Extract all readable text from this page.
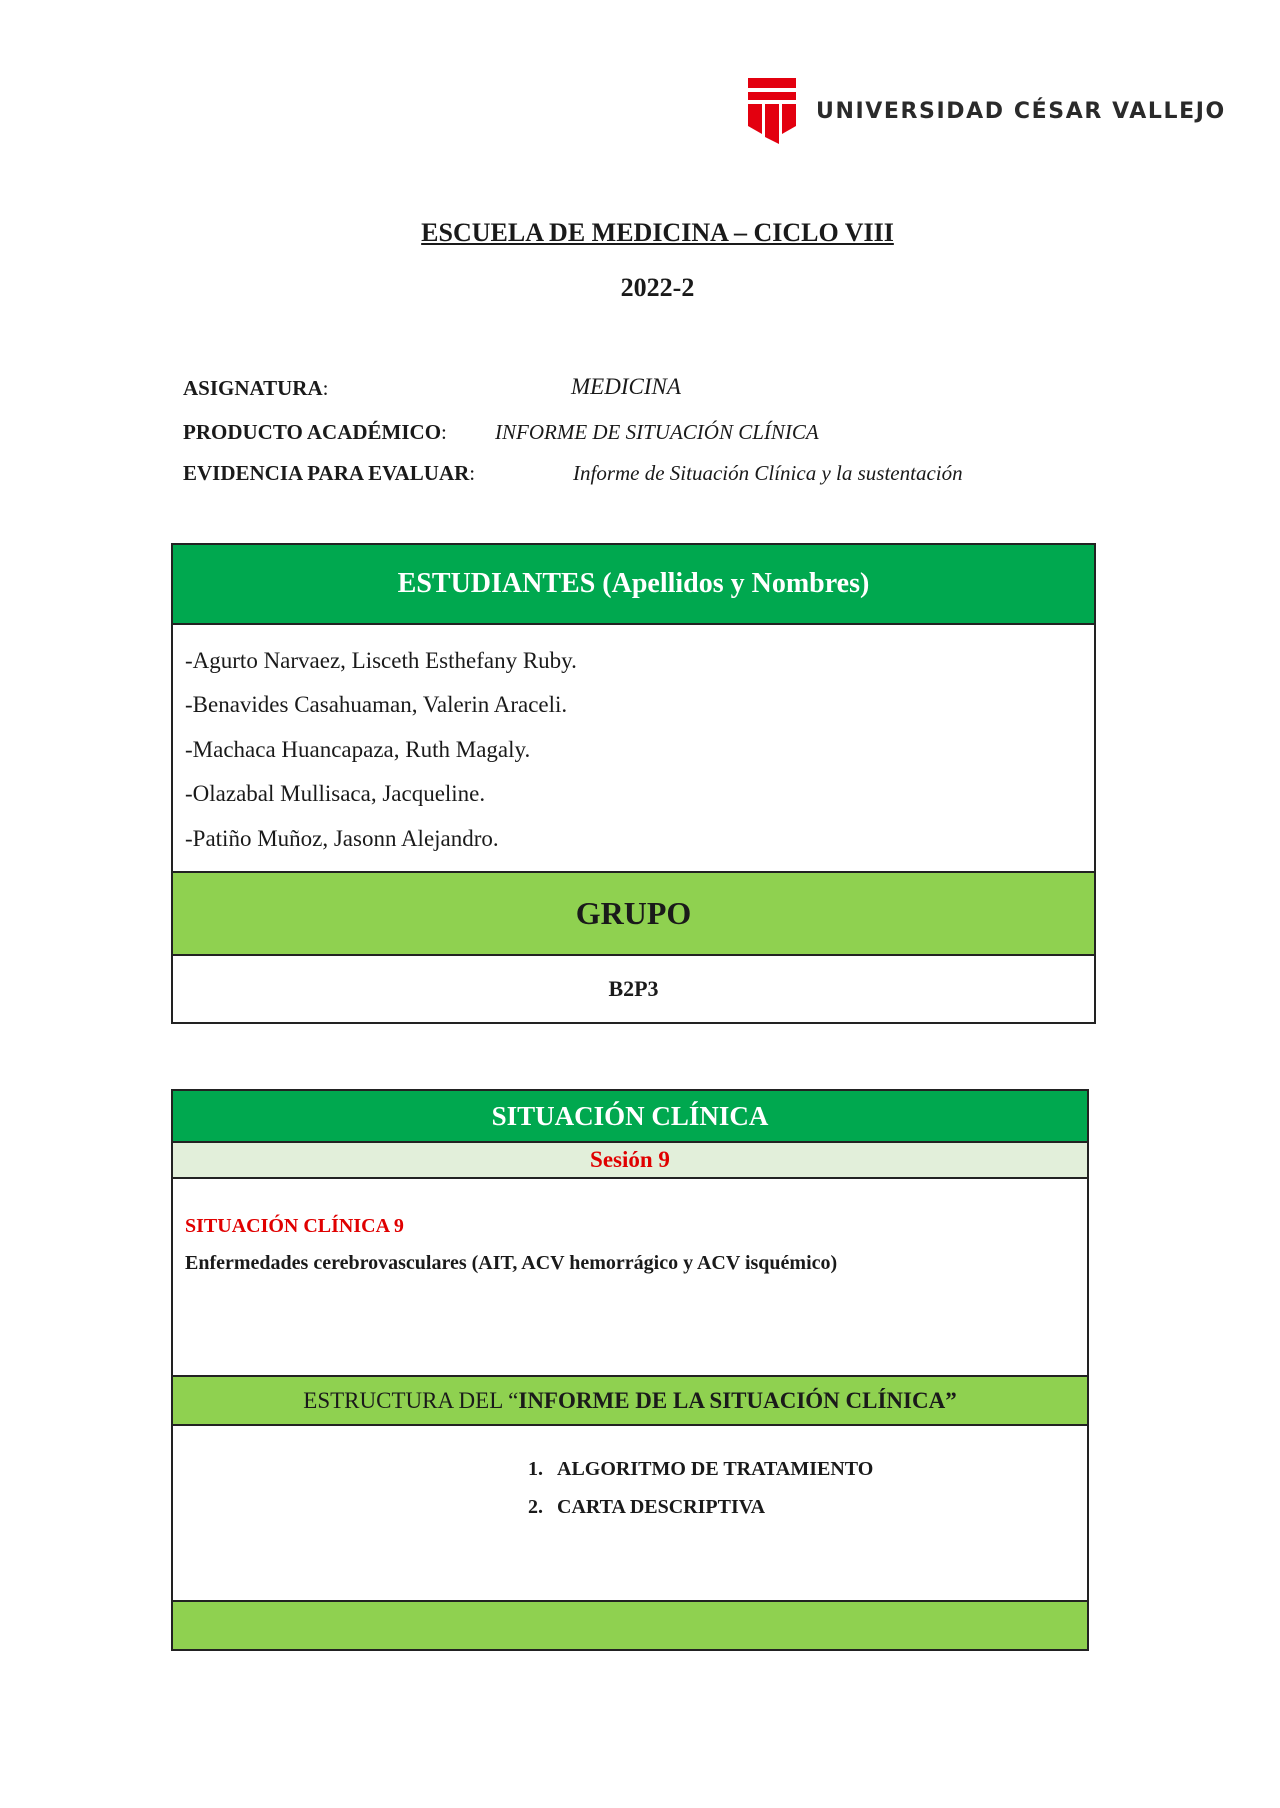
UNIVERSIDAD CÉSAR VALLEJO
ESCUELA DE MEDICINA – CICLO VIII
2022-2
ASIGNATURA:	MEDICINA
PRODUCTO ACADÉMICO: INFORME DE SITUACIÓN CLÍNICA
EVIDENCIA PARA EVALUAR:	Informe de Situación Clínica y la sustentación
ESTUDIANTES (Apellidos y Nombres)

-Agurto Narvaez, Lisceth Esthefany Ruby.
-Benavides Casahuaman, Valerin Araceli.
-Machaca Huancapaza, Ruth Magaly.
-Olazabal Mullisaca, Jacqueline.
-Patiño Muñoz, Jasonn Alejandro.

GRUPO
B2P3
SITUACIÓN CLÍNICA
Sesión 9

SITUACIÓN CLÍNICA 9
Enfermedades cerebrovasculares (AIT, ACV hemorrágico y ACV isquémico)

ESTRUCTURA DEL “INFORME DE LA SITUACIÓN CLÍNICA”

1. ALGORITMO DE TRATAMIENTO
2. CARTA DESCRIPTIVA
